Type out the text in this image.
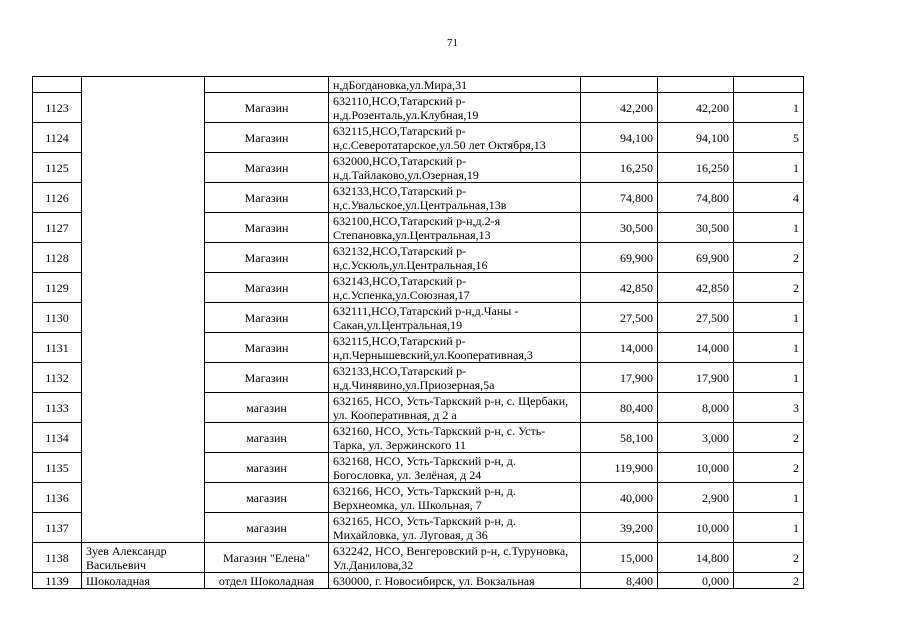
71
			н,дБогдановка,ул.Мира,31			
1123		Магазин	632110,НСО,Татарский р-н,д.Розенталь,ул.Клубная,19	42,200	42,200	1
1124		Магазин	632115,НСО,Татарский р-н,с.Северотатарское,ул.50 лет Октября,13	94,100	94,100	5
1125		Магазин	632000,НСО,Татарский р-н,д.Тайлаково,ул.Озерная,19	16,250	16,250	1
1126		Магазин	632133,НСО,Татарский р-н,с.Увальское,ул.Центральная,13в	74,800	74,800	4
1127		Магазин	632100,НСО,Татарский р-н,д.2-я Степановка,ул.Центральная,13	30,500	30,500	1
1128		Магазин	632132,НСО,Татарский р-н,с.Ускюль,ул.Центральная,16	69,900	69,900	2
1129		Магазин	632143,НСО,Татарский р-н,с.Успенка,ул.Союзная,17	42,850	42,850	2
1130		Магазин	632111,НСО,Татарский р-н,д.Чаны - Сакан,ул.Центральная,19	27,500	27,500	1
1131		Магазин	632115,НСО,Татарский р-н,п.Чернышевский,ул.Кооперативная,3	14,000	14,000	1
1132		Магазин	632133,НСО,Татарский р-н,д.Чинявино,ул.Приозерная,5а	17,900	17,900	1
1133		магазин	632165, НСО, Усть-Таркский р-н, с. Щербаки, ул. Кооперативная, д 2 а	80,400	8,000	3
1134		магазин	632160, НСО, Усть-Таркский р-н, с. Усть-Тарка, ул. Зержинского 11	58,100	3,000	2
1135		магазин	632168, НСО, Усть-Таркский р-н, д. Богословка, ул. Зелёная, д 24	119,900	10,000	2
1136		магазин	632166, НСО, Усть-Таркский р-н, д. Верхнеомка, ул. Школьная, 7	40,000	2,900	1
1137		магазин	632165, НСО, Усть-Таркский р-н, д. Михайловка, ул. Луговая, д 36	39,200	10,000	1
1138	Зуев Александр Васильевич	Магазин "Елена"	632242, НСО, Венгеровский р-н, с.Туруновка, Ул.Данилова,32	15,000	14,800	2
1139	Шоколадная	отдел Шоколадная	630000, г. Новосибирск, ул. Вокзальная	8,400	0,000	2
